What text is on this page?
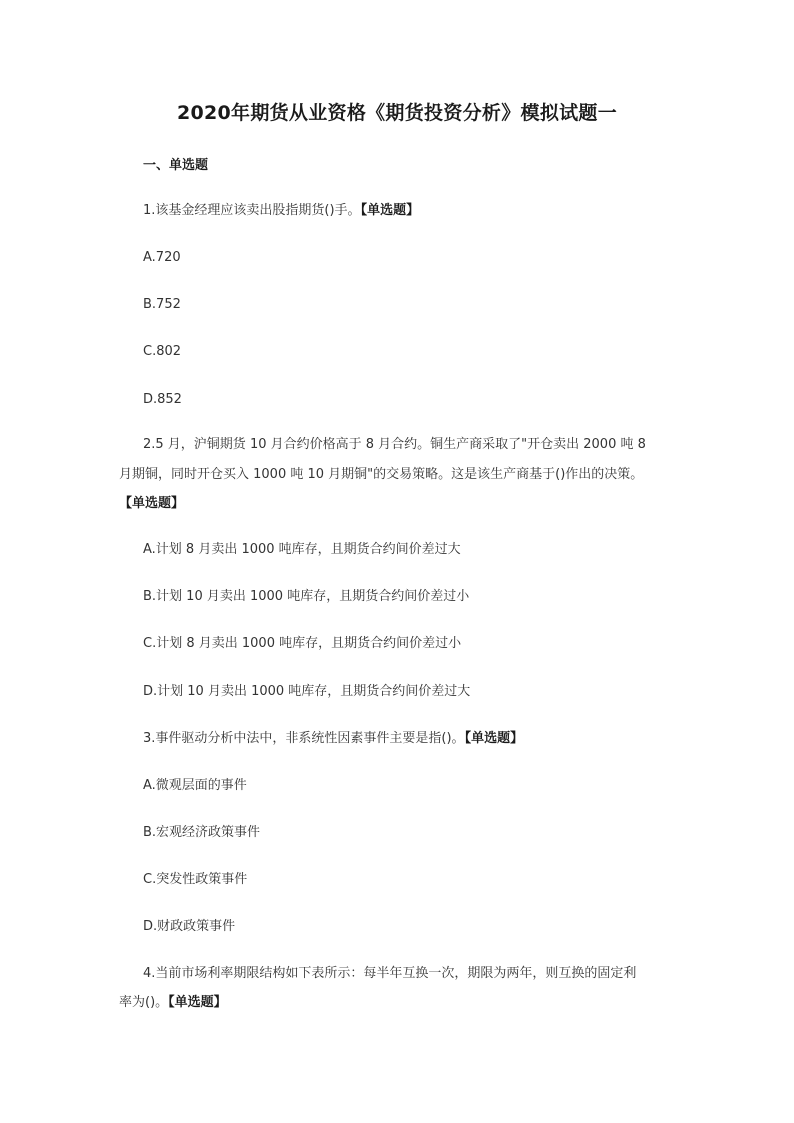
2020年期货从业资格《期货投资分析》模拟试题一
一、单选题
1.该基金经理应该卖出股指期货()手。【单选题】
A.720
B.752
C.802
D.852
2.5 月，沪铜期货 10 月合约价格高于 8 月合约。铜生产商采取了"开仓卖出 2000 吨 8
月期铜，同时开仓买入 1000 吨 10 月期铜"的交易策略。这是该生产商基于()作出的决策。
【单选题】
A.计划 8 月卖出 1000 吨库存，且期货合约间价差过大
B.计划 10 月卖出 1000 吨库存，且期货合约间价差过小
C.计划 8 月卖出 1000 吨库存，且期货合约间价差过小
D.计划 10 月卖出 1000 吨库存，且期货合约间价差过大
3.事件驱动分析中法中，非系统性因素事件主要是指()。【单选题】
A.微观层面的事件
B.宏观经济政策事件
C.突发性政策事件
D.财政政策事件
4.当前市场利率期限结构如下表所示：每半年互换一次，期限为两年，则互换的固定利
率为()。【单选题】
